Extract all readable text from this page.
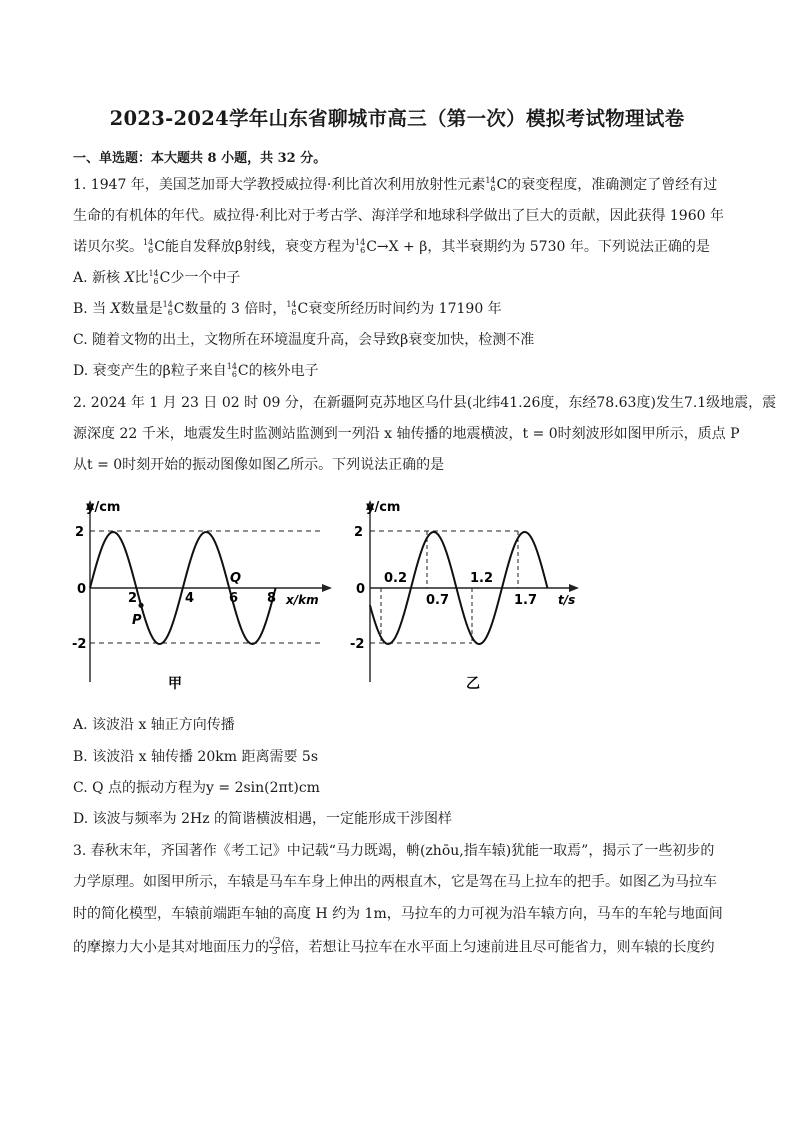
2023-2024学年山东省聊城市高三（第一次）模拟考试物理试卷
一、单选题：本大题共 8 小题，共 32 分。
1. 1947 年，美国芝加哥大学教授威拉得·利比首次利用放射性元素 14
6 C的衰变程度，准确测定了曾经有过
生命的有机体的年代。威拉得·利比对于考古学、海洋学和地球科学做出了巨大的贡献，因此获得 1960 年
诺贝尔奖。 14
6 C能自发释放β射线，衰变方程为 14
6 C→X + β，其半衰期约为 5730 年。下列说法正确的是
A. 新核 X比 14
6 C少一个中子
B. 当 X数量是 14
6 C数量的 3 倍时， 14
6 C衰变所经历时间约为 17190 年
C. 随着文物的出土，文物所在环境温度升高，会导致β衰变加快，检测不准
D. 衰变产生的β粒子来自 14
6 C的核外电子
2. 2024 年 1 月 23 日 02 时 09 分，在新疆阿克苏地区乌什县(北纬41.26度，东经78.63度)发生7.1级地震，震
源深度 22 千米，地震发生时监测站监测到一列沿 x 轴传播的地震横波，t = 0时刻波形如图甲所示，质点 P
从t = 0时刻开始的振动图像如图乙所示。下列说法正确的是
y/cm
x/km
2
0
-2
2	4	6 8
Q
P
甲
y/cm
t/s
2
0
-2
0.2	1.2
0.7	1.7
乙
A. 该波沿 x 轴正方向传播
B. 该波沿 x 轴传播 20km 距离需要 5s
C. Q 点的振动方程为y = 2sin(2πt)cm
D. 该波与频率为 2Hz 的简谐横波相遇，一定能形成干涉图样
3. 春秋末年，齐国著作《考工记》中记载“马力既竭，輈(zhōu,指车辕)犹能一取焉”，揭示了一些初步的
力学原理。如图甲所示，车辕是马车车身上伸出的两根直木，它是驾在马上拉车的把手。如图乙为马拉车
时的简化模型，车辕前端距车轴的高度 H 约为 1m，马拉车的力可视为沿车辕方向，马车的车轮与地面间
的摩擦力大小是其对地面压力的 $\frac{√3}{3}$ 倍，若想让马拉车在水平面上匀速前进且尽可能省力，则车辕的长度约
